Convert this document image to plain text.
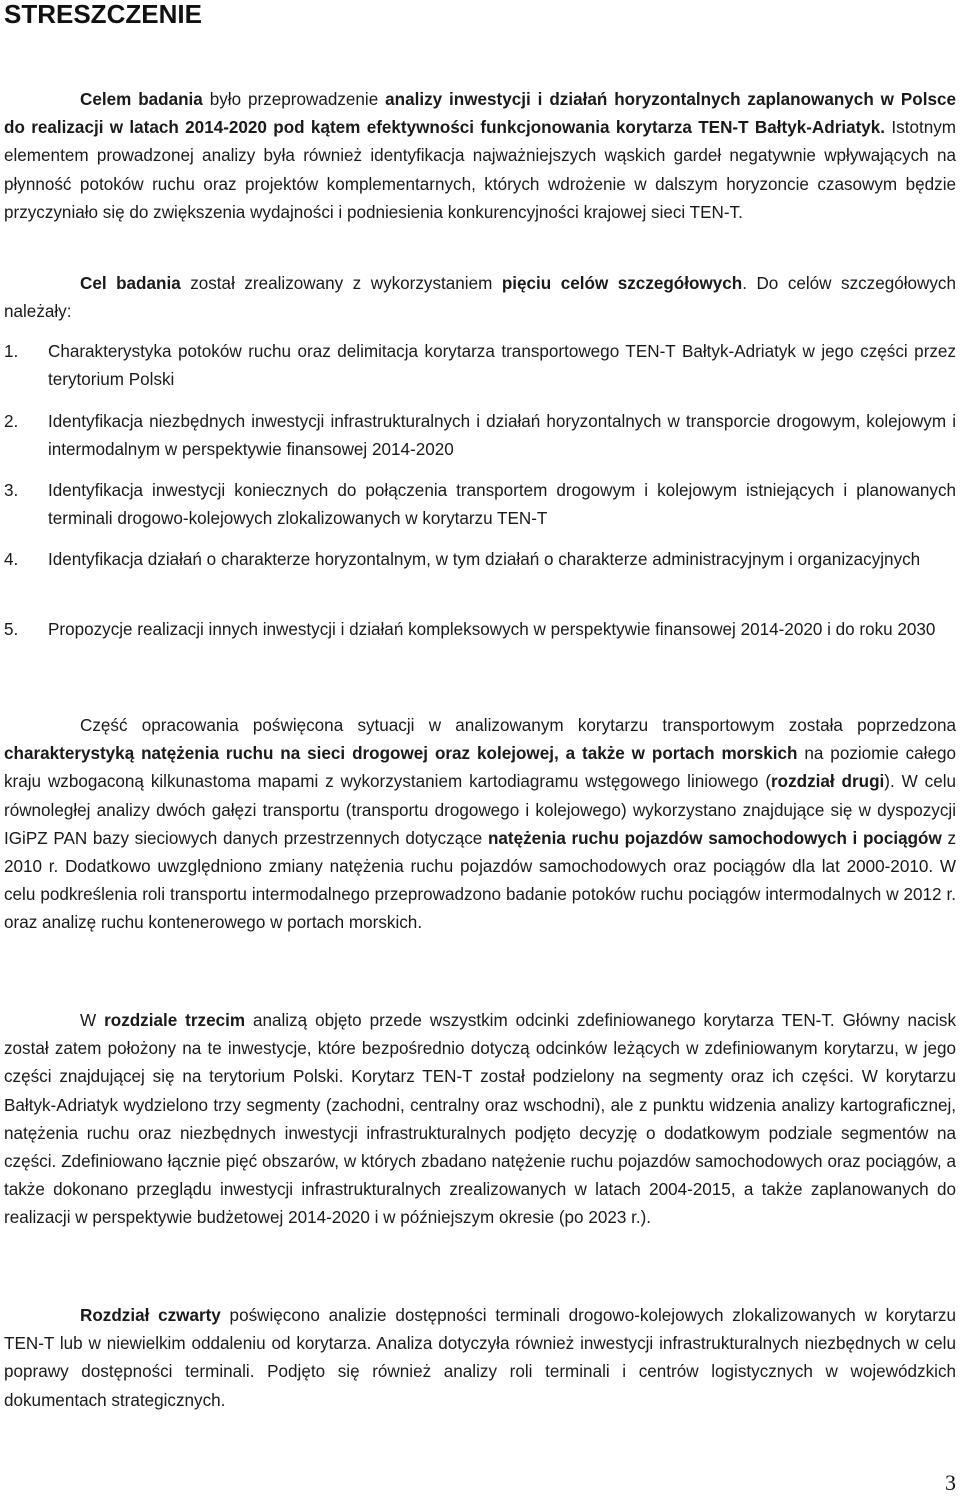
STRESZCZENIE

Celem badania było przeprowadzenie analizy inwestycji i działań horyzontalnych zaplanowanych w Polsce do realizacji w latach 2014-2020 pod kątem efektywności funkcjonowania korytarza TEN-T Bałtyk-Adriatyk. Istotnym elementem prowadzonej analizy była również identyfikacja najważniejszych wąskich gardeł negatywnie wpływających na płynność potoków ruchu oraz projektów komplementarnych, których wdrożenie w dalszym horyzoncie czasowym będzie przyczyniało się do zwiększenia wydajności i podniesienia konkurencyjności krajowej sieci TEN-T.

Cel badania został zrealizowany z wykorzystaniem pięciu celów szczegółowych. Do celów szczegółowych należały:

1. Charakterystyka potoków ruchu oraz delimitacja korytarza transportowego TEN-T Bałtyk-Adriatyk w jego części przez terytorium Polski
2. Identyfikacja niezbędnych inwestycji infrastrukturalnych i działań horyzontalnych w transporcie drogowym, kolejowym i intermodalnym w perspektywie finansowej 2014-2020
3. Identyfikacja inwestycji koniecznych do połączenia transportem drogowym i kolejowym istniejących i planowanych terminali drogowo-kolejowych zlokalizowanych w korytarzu TEN-T
4. Identyfikacja działań o charakterze horyzontalnym, w tym działań o charakterze administracyjnym i organizacyjnych
5. Propozycje realizacji innych inwestycji i działań kompleksowych w perspektywie finansowej 2014-2020 i do roku 2030

Część opracowania poświęcona sytuacji w analizowanym korytarzu transportowym została poprzedzona charakterystyką natężenia ruchu na sieci drogowej oraz kolejowej, a także w portach morskich na poziomie całego kraju wzbogaconą kilkunastoma mapami z wykorzystaniem kartodiagramu wstęgowego liniowego (rozdział drugi). W celu równoległej analizy dwóch gałęzi transportu (transportu drogowego i kolejowego) wykorzystano znajdujące się w dyspozycji IGiPZ PAN bazy sieciowych danych przestrzennych dotyczące natężenia ruchu pojazdów samochodowych i pociągów z 2010 r. Dodatkowo uwzględniono zmiany natężenia ruchu pojazdów samochodowych oraz pociągów dla lat 2000-2010. W celu podkreślenia roli transportu intermodalnego przeprowadzono badanie potoków ruchu pociągów intermodalnych w 2012 r. oraz analizę ruchu kontenerowego w portach morskich.

W rozdziale trzecim analizą objęto przede wszystkim odcinki zdefiniowanego korytarza TEN-T. Główny nacisk został zatem położony na te inwestycje, które bezpośrednio dotyczą odcinków leżących w zdefiniowanym korytarzu, w jego części znajdującej się na terytorium Polski. Korytarz TEN-T został podzielony na segmenty oraz ich części. W korytarzu Bałtyk-Adriatyk wydzielono trzy segmenty (zachodni, centralny oraz wschodni), ale z punktu widzenia analizy kartograficznej, natężenia ruchu oraz niezbędnych inwestycji infrastrukturalnych podjęto decyzję o dodatkowym podziale segmentów na części. Zdefiniowano łącznie pięć obszarów, w których zbadano natężenie ruchu pojazdów samochodowych oraz pociągów, a także dokonano przeglądu inwestycji infrastrukturalnych zrealizowanych w latach 2004-2015, a także zaplanowanych do realizacji w perspektywie budżetowej 2014-2020 i w późniejszym okresie (po 2023 r.).

Rozdział czwarty poświęcono analizie dostępności terminali drogowo-kolejowych zlokalizowanych w korytarzu TEN-T lub w niewielkim oddaleniu od korytarza. Analiza dotyczyła również inwestycji infrastrukturalnych niezbędnych w celu poprawy dostępności terminali. Podjęto się również analizy roli terminali i centrów logistycznych w wojewódzkich dokumentach strategicznych.

3
